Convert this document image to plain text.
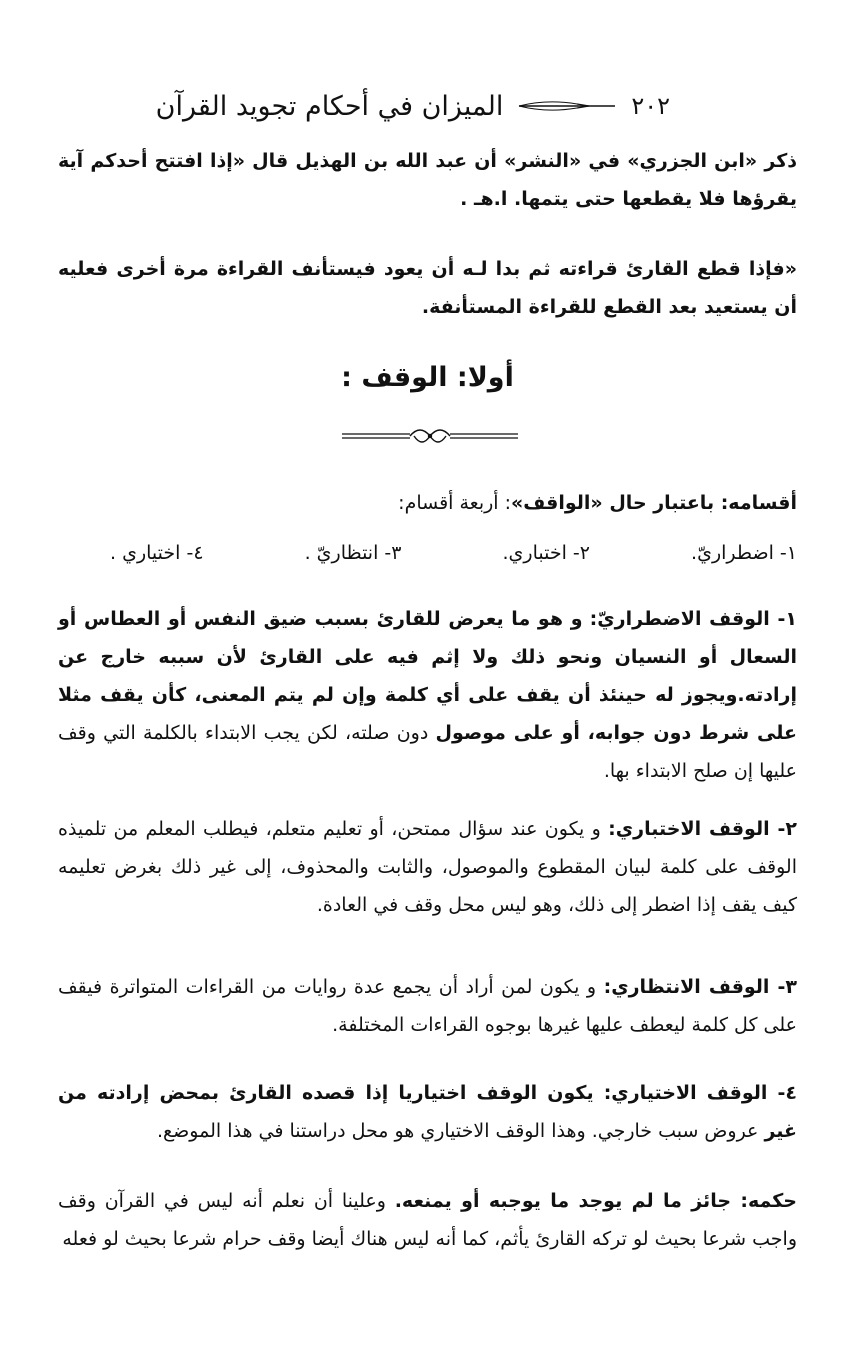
٢٠٢
الميزان في أحكام تجويد القرآن

ذكر «ابن الجزري» في «النشر» أن عبد الله بن الهذيل قال «إذا افتتح أحدكم آية يقرؤها فلا يقطعها حتى يتمها. ا.هـ .

«فإذا قطع القارئ قراءته ثم بدا لـه أن يعود فيستأنف القراءة مرة أخرى فعليه أن يستعيد بعد القطع للقراءة المستأنفة.

أولا: الوقف :

أقسامه: باعتبار حال «الواقف»: أربعة أقسام:

١- اضطراريّ.
٢- اختباري.
٣- انتظاريّ .
٤- اختياري .

١- الوقف الاضطراريّ: و هو ما يعرض للقارئ بسبب ضيق النفس أو العطاس أو السعال أو النسيان ونحو ذلك ولا إثم فيه على القارئ لأن سببه خارج عن إرادته.ويجوز له حينئذ أن يقف على أي كلمة وإن لم يتم المعنى، كأن يقف مثلا على شرط دون جوابه، أو على موصول دون صلته، لكن يجب الابتداء بالكلمة التي وقف عليها إن صلح الابتداء بها.

٢- الوقف الاختباري: و يكون عند سؤال ممتحن، أو تعليم متعلم، فيطلب المعلم من تلميذه الوقف على كلمة لبيان المقطوع والموصول، والثابت والمحذوف، إلى غير ذلك بغرض تعليمه كيف يقف إذا اضطر إلى ذلك، وهو ليس محل وقف في العادة.

٣- الوقف الانتظاري: و يكون لمن أراد أن يجمع عدة روايات من القراءات المتواترة فيقف على كل كلمة ليعطف عليها غيرها بوجوه القراءات المختلفة.

٤- الوقف الاختياري: يكون الوقف اختياريا إذا قصده القارئ بمحض إرادته من غير عروض سبب خارجي. وهذا الوقف الاختياري هو محل دراستنا في هذا الموضع.

حكمه: جائز ما لم يوجد ما يوجبه أو يمنعه. وعلينا أن نعلم أنه ليس في القرآن وقف واجب شرعا بحيث لو تركه القارئ يأثم، كما أنه ليس هناك أيضا وقف حرام شرعا بحيث لو فعله
